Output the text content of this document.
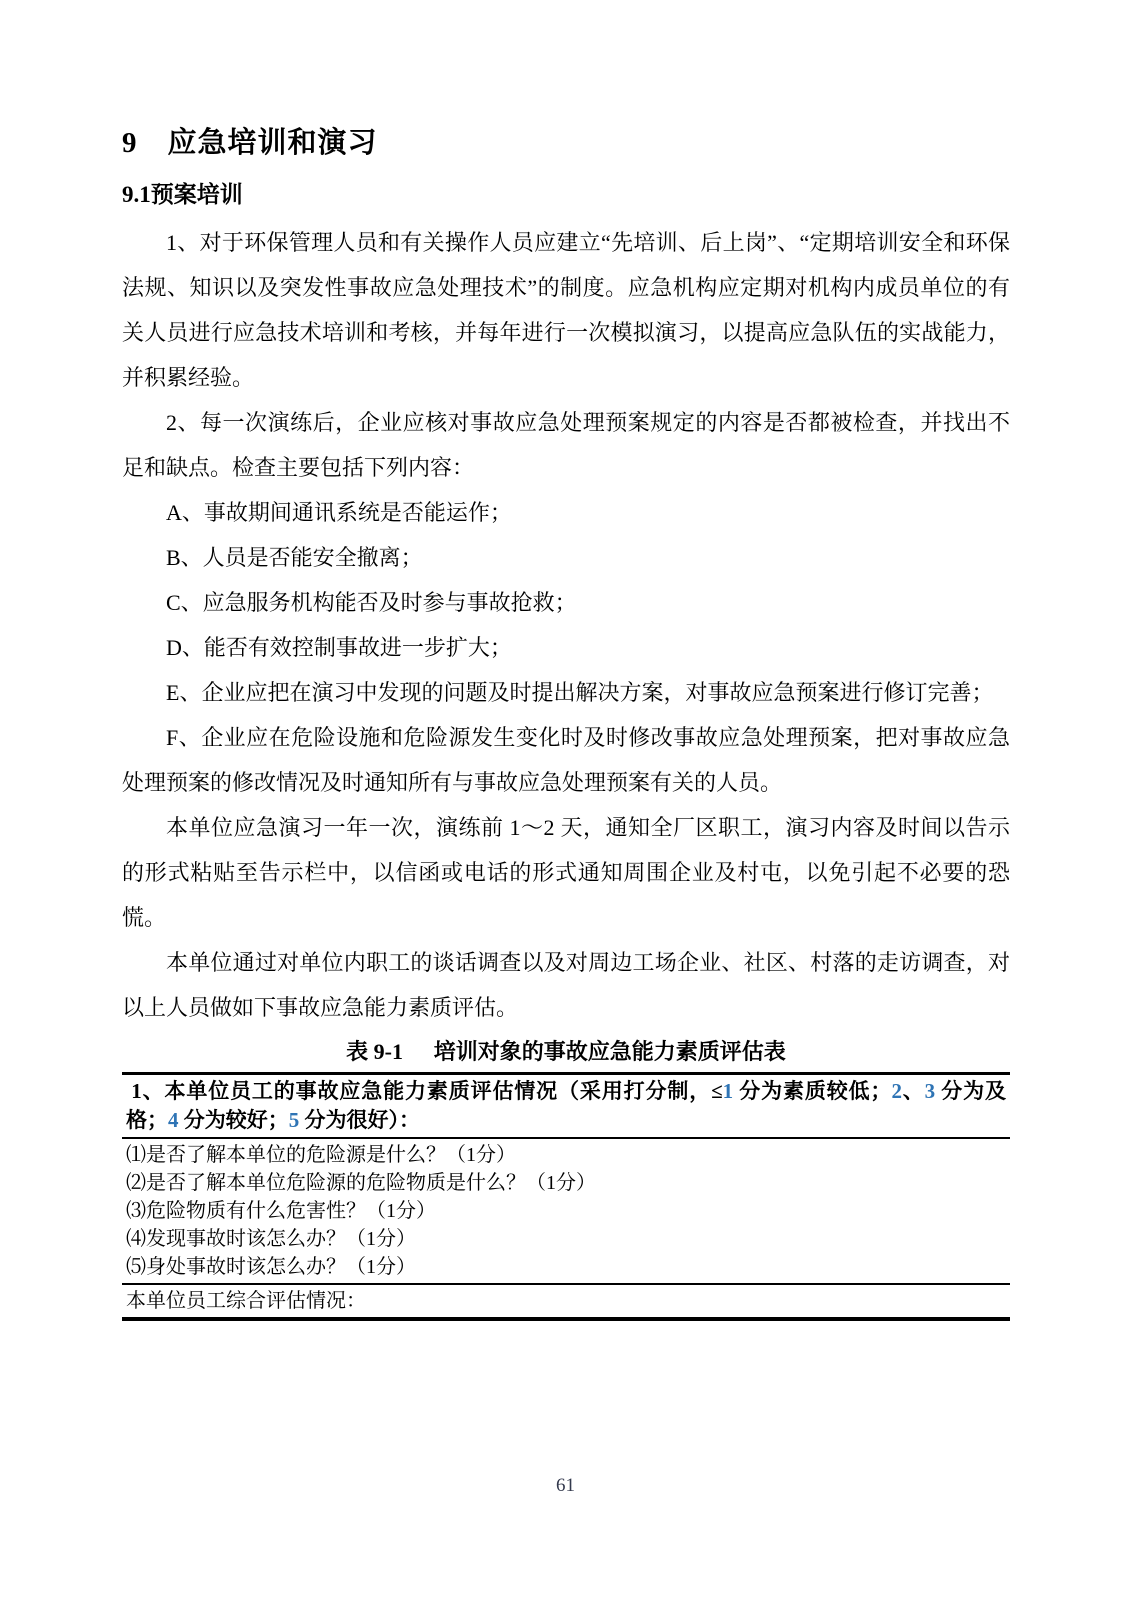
9　应急培训和演习
9.1预案培训

1、对于环保管理人员和有关操作人员应建立“先培训、后上岗”、“定期培训安全和环保法规、知识以及突发性事故应急处理技术”的制度。应急机构应定期对机构内成员单位的有关人员进行应急技术培训和考核，并每年进行一次模拟演习，以提高应急队伍的实战能力，并积累经验。

2、每一次演练后，企业应核对事故应急处理预案规定的内容是否都被检查，并找出不足和缺点。检查主要包括下列内容：

A、事故期间通讯系统是否能运作；

B、人员是否能安全撤离；

C、应急服务机构能否及时参与事故抢救；

D、能否有效控制事故进一步扩大；

E、企业应把在演习中发现的问题及时提出解决方案，对事故应急预案进行修订完善；

F、企业应在危险设施和危险源发生变化时及时修改事故应急处理预案，把对事故应急处理预案的修改情况及时通知所有与事故应急处理预案有关的人员。

本单位应急演习一年一次，演练前 1～2 天，通知全厂区职工，演习内容及时间以告示的形式粘贴至告示栏中，以信函或电话的形式通知周围企业及村屯，以免引起不必要的恐慌。

本单位通过对单位内职工的谈话调查以及对周边工场企业、社区、村落的走访调查，对以上人员做如下事故应急能力素质评估。

表 9-1 培训对象的事故应急能力素质评估表
1、本单位员工的事故应急能力素质评估情况（采用打分制，≤1 分为素质较低；2、3 分为及格；4 分为较好；5 分为很好）：

⑴是否了解本单位的危险源是什么？（1分）
⑵是否了解本单位危险源的危险物质是什么？（1分）
⑶危险物质有什么危害性？（1分）
⑷发现事故时该怎么办？（1分）
⑸身处事故时该怎么办？（1分）

本单位员工综合评估情况：
61
